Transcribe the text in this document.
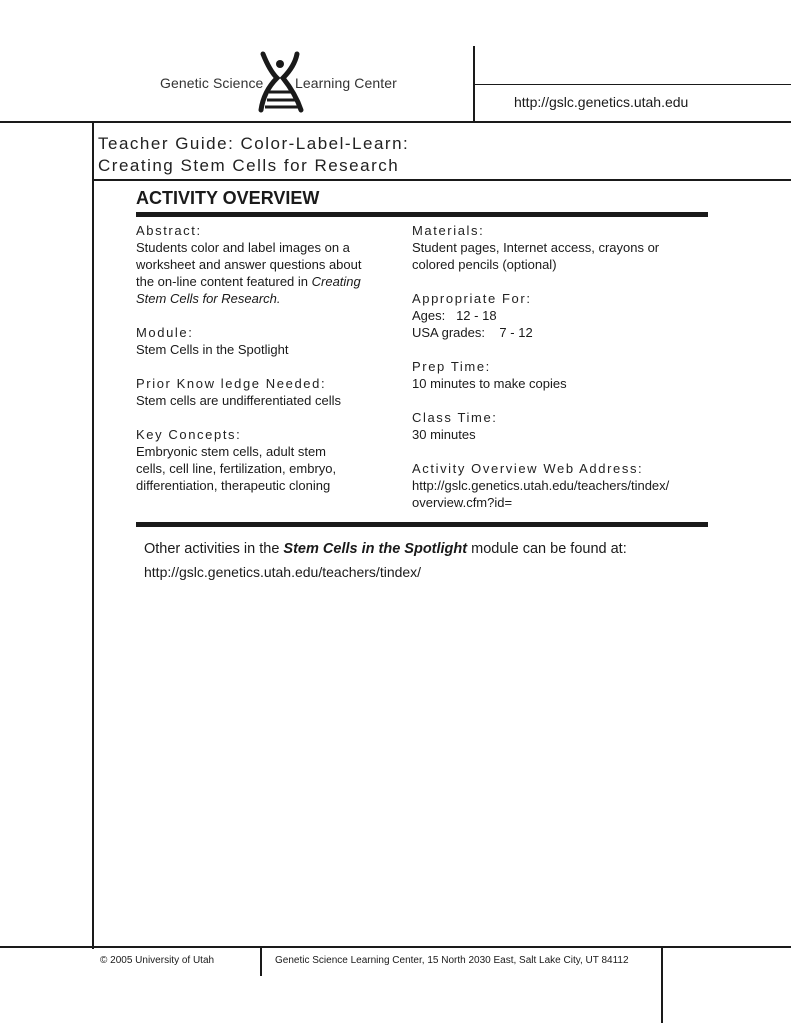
Genetic Science Learning Center
http://gslc.genetics.utah.edu
Teacher Guide: Color-Label-Learn:
Creating Stem Cells for Research
ACTIVITY OVERVIEW
Abstract:
Students color and label images on a
worksheet and answer questions about
the on-line content featured in Creating
Stem Cells for Research.
Module:
Stem Cells in the Spotlight
Prior Know ledge Needed:
Stem cells are undifferentiated cells
Key Concepts:
Embryonic stem cells, adult stem
cells, cell line, fertilization, embryo,
differentiation, therapeutic cloning
Materials:
Student pages, Internet access, crayons or
colored pencils (optional)
Appropriate For:
Ages:   12 - 18
USA grades:    7 - 12
Prep Time:
10 minutes to make copies
Class Time:
30 minutes
Activity Overview Web Address:
http://gslc.genetics.utah.edu/teachers/tindex/
overview.cfm?id=
Other activities in the Stem Cells in the Spotlight module can be found at:
http://gslc.genetics.utah.edu/teachers/tindex/
© 2005 University of Utah	Genetic Science Learning Center, 15 North 2030 East, Salt Lake City, UT 84112
